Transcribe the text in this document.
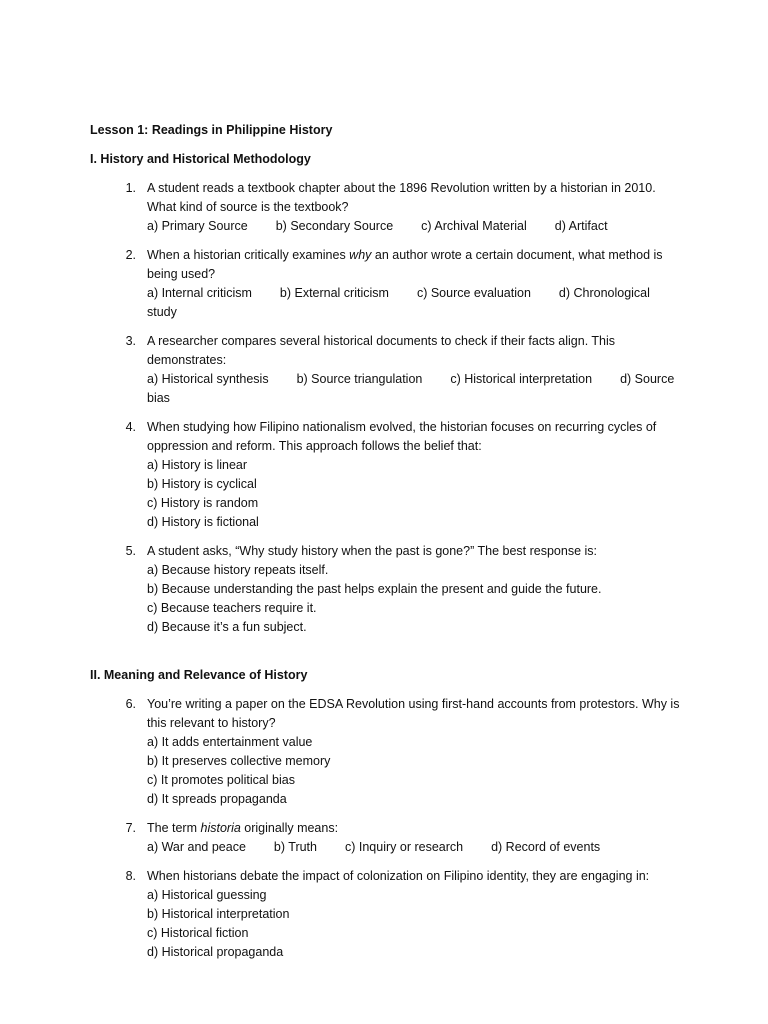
Lesson 1: Readings in Philippine History

I. History and Historical Methodology

1. A student reads a textbook chapter about the 1896 Revolution written by a historian in 2010. What kind of source is the textbook?
a) Primary Source b) Secondary Source c) Archival Material d) Artifact
2. When a historian critically examines why an author wrote a certain document, what method is being used?
a) Internal criticism b) External criticism c) Source evaluation d) Chronological study
3. A researcher compares several historical documents to check if their facts align. This demonstrates:
a) Historical synthesis b) Source triangulation c) Historical interpretation d) Source bias
4. When studying how Filipino nationalism evolved, the historian focuses on recurring cycles of oppression and reform. This approach follows the belief that:
a) History is linear
b) History is cyclical
c) History is random
d) History is fictional
5. A student asks, “Why study history when the past is gone?” The best response is:
a) Because history repeats itself.
b) Because understanding the past helps explain the present and guide the future.
c) Because teachers require it.
d) Because it’s a fun subject.

II. Meaning and Relevance of History

6. You’re writing a paper on the EDSA Revolution using first-hand accounts from protestors. Why is this relevant to history?
a) It adds entertainment value
b) It preserves collective memory
c) It promotes political bias
d) It spreads propaganda
7. The term historia originally means:
a) War and peace b) Truth c) Inquiry or research d) Record of events
8. When historians debate the impact of colonization on Filipino identity, they are engaging in:
a) Historical guessing
b) Historical interpretation
c) Historical fiction
d) Historical propaganda
